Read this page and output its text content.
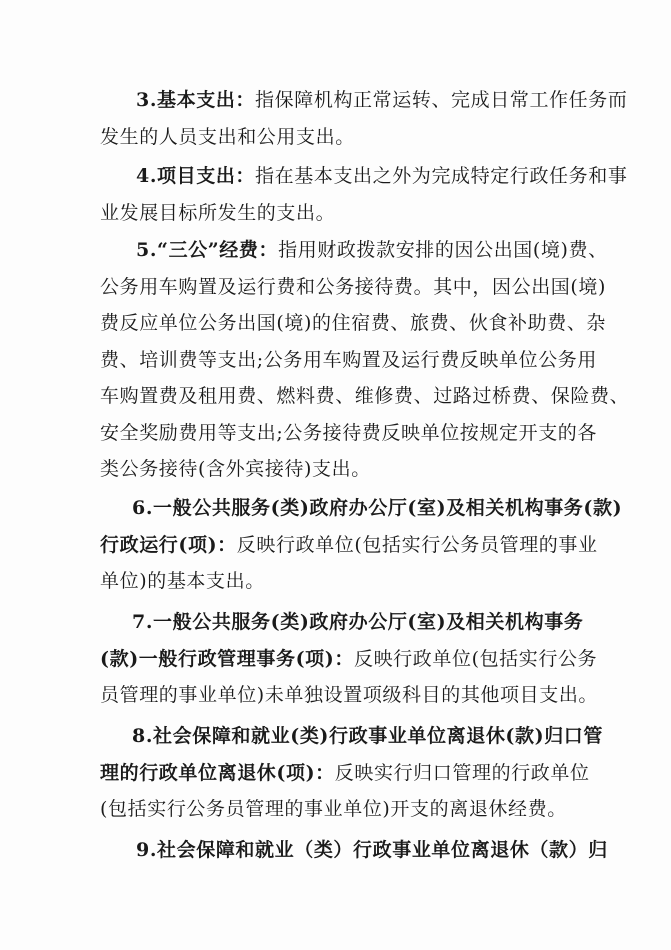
3.基本支出：指保障机构正常运转、完成日常工作任务而
发生的人员支出和公用支出。

4.项目支出：指在基本支出之外为完成特定行政任务和事
业发展目标所发生的支出。

5.“三公”经费：指用财政拨款安排的因公出国(境)费、
公务用车购置及运行费和公务接待费。其中，因公出国(境)
费反应单位公务出国(境)的住宿费、旅费、伙食补助费、杂
费、培训费等支出;公务用车购置及运行费反映单位公务用
车购置费及租用费、燃料费、维修费、过路过桥费、保险费、
安全奖励费用等支出;公务接待费反映单位按规定开支的各
类公务接待(含外宾接待)支出。

6.一般公共服务(类)政府办公厅(室)及相关机构事务(款)
行政运行(项)：反映行政单位(包括实行公务员管理的事业
单位)的基本支出。

7.一般公共服务(类)政府办公厅(室)及相关机构事务
(款)一般行政管理事务(项)：反映行政单位(包括实行公务
员管理的事业单位)未单独设置项级科目的其他项目支出。

8.社会保障和就业(类)行政事业单位离退休(款)归口管
理的行政单位离退休(项)：反映实行归口管理的行政单位
(包括实行公务员管理的事业单位)开支的离退休经费。

9.社会保障和就业（类）行政事业单位离退休（款）归
